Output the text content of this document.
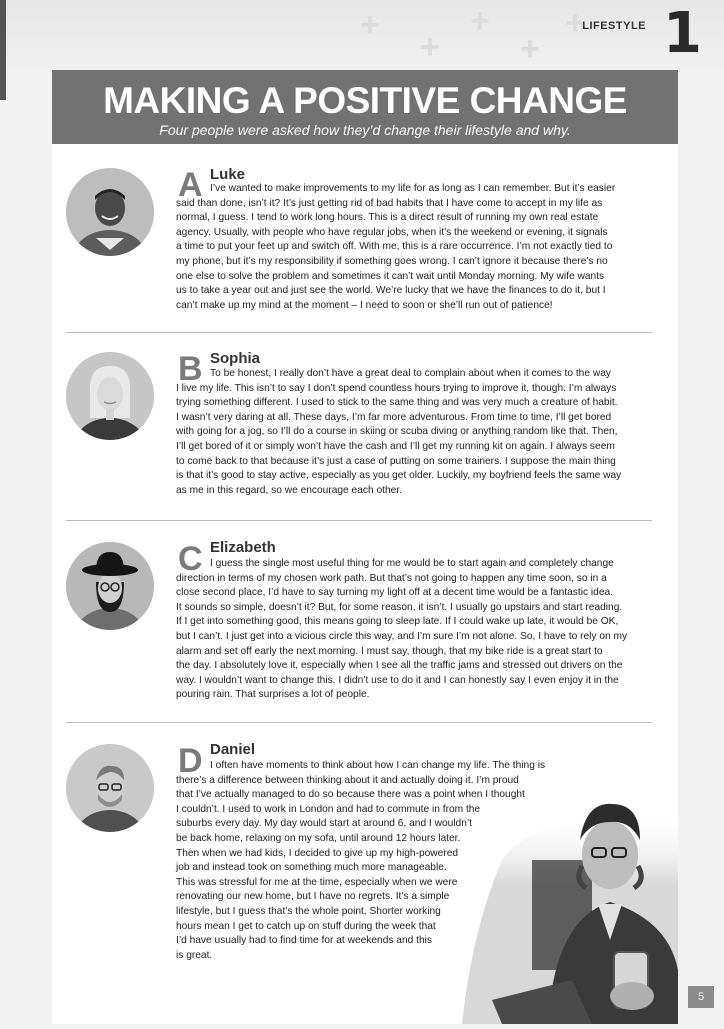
+
+
+
+
+
LIFESTYLE 1
MAKING A POSITIVE CHANGE
Four people were asked how they’d change their lifestyle and why.
A Luke
I’ve wanted to make improvements to my life for as long as I can remember. But it’s easier
said than done, isn’t it? It’s just getting rid of bad habits that I have come to accept in my life as
normal, I guess. I tend to work long hours. This is a direct result of running my own real estate
agency. Usually, with people who have regular jobs, when it’s the weekend or evening, it signals
a time to put your feet up and switch off. With me, this is a rare occurrence. I’m not exactly tied to
my phone, but it’s my responsibility if something goes wrong. I can’t ignore it because there’s no
one else to solve the problem and sometimes it can’t wait until Monday morning. My wife wants
us to take a year out and just see the world. We’re lucky that we have the finances to do it, but I
can’t make up my mind at the moment – I need to soon or she’ll run out of patience!
B Sophia
To be honest, I really don’t have a great deal to complain about when it comes to the way
I live my life. This isn’t to say I don’t spend countless hours trying to improve it, though. I’m always
trying something different. I used to stick to the same thing and was very much a creature of habit.
I wasn’t very daring at all. These days, I’m far more adventurous. From time to time, I’ll get bored
with going for a jog, so I’ll do a course in skiing or scuba diving or anything random like that. Then,
I’ll get bored of it or simply won’t have the cash and I’ll get my running kit on again. I always seem
to come back to that because it’s just a case of putting on some trainers. I suppose the main thing
is that it’s good to stay active, especially as you get older. Luckily, my boyfriend feels the same way
as me in this regard, so we encourage each other.
C Elizabeth
I guess the single most useful thing for me would be to start again and completely change
direction in terms of my chosen work path. But that’s not going to happen any time soon, so in a
close second place, I’d have to say turning my light off at a decent time would be a fantastic idea.
It sounds so simple, doesn’t it? But, for some reason, it isn’t. I usually go upstairs and start reading.
If I get into something good, this means going to sleep late. If I could wake up late, it would be OK,
but I can’t. I just get into a vicious circle this way, and I’m sure I’m not alone. So, I have to rely on my
alarm and set off early the next morning. I must say, though, that my bike ride is a great start to
the day. I absolutely love it, especially when I see all the traffic jams and stressed out drivers on the
way. I wouldn’t want to change this. I didn’t use to do it and I can honestly say I even enjoy it in the
pouring rain. That surprises a lot of people.
D Daniel
I often have moments to think about how I can change my life. The thing is
there’s a difference between thinking about it and actually doing it. I’m proud
that I’ve actually managed to do so because there was a point when I thought
I couldn’t. I used to work in London and had to commute in from the
suburbs every day. My day would start at around 6, and I wouldn’t
be back home, relaxing on my sofa, until around 12 hours later.
Then when we had kids, I decided to give up my high-powered
job and instead took on something much more manageable.
This was stressful for me at the time, especially when we were
renovating our new home, but I have no regrets. It’s a simple
lifestyle, but I guess that’s the whole point. Shorter working
hours mean I get to catch up on stuff during the week that
I’d have usually had to find time for at weekends and this
is great.
5
